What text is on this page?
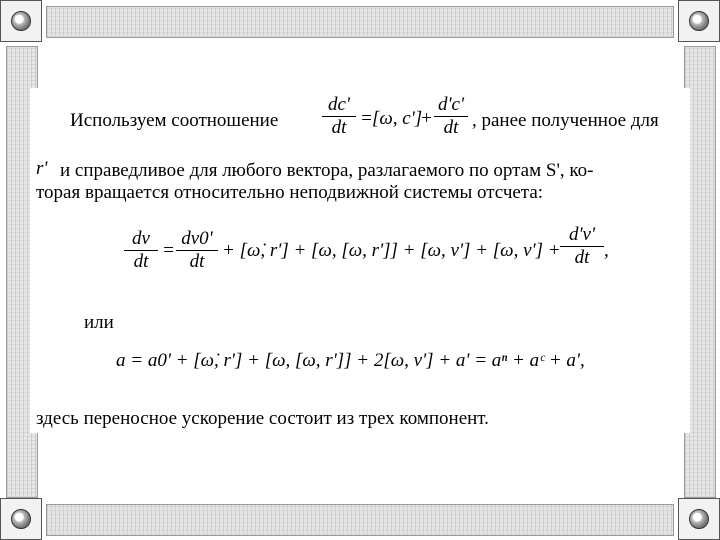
Используем соотношение $\frac{dc'}{dt} = [\omega$, c']
+ $\frac{d'c'}{dt}$ , ранее полученное для
r' и справедливое для любого вектора, разлагаемого по ортам S', ко-
торая вращается относительно неподвижной системы отсчета:
$\frac{dv}{dt} = \frac{dv0'}{dt}$ + [ω̇, r'] + [ω, [ω, r']] + [ω, v'] + [ω, $v'] + \frac{d'v'}{dt}$ ,
или
a = a0' + [ω̇, r'] + [ω, [ω, r']] + 2[ω, v'] + a' = aⁿ + aᶜ + a',
здесь переносное ускорение состоит из трех компонент.
